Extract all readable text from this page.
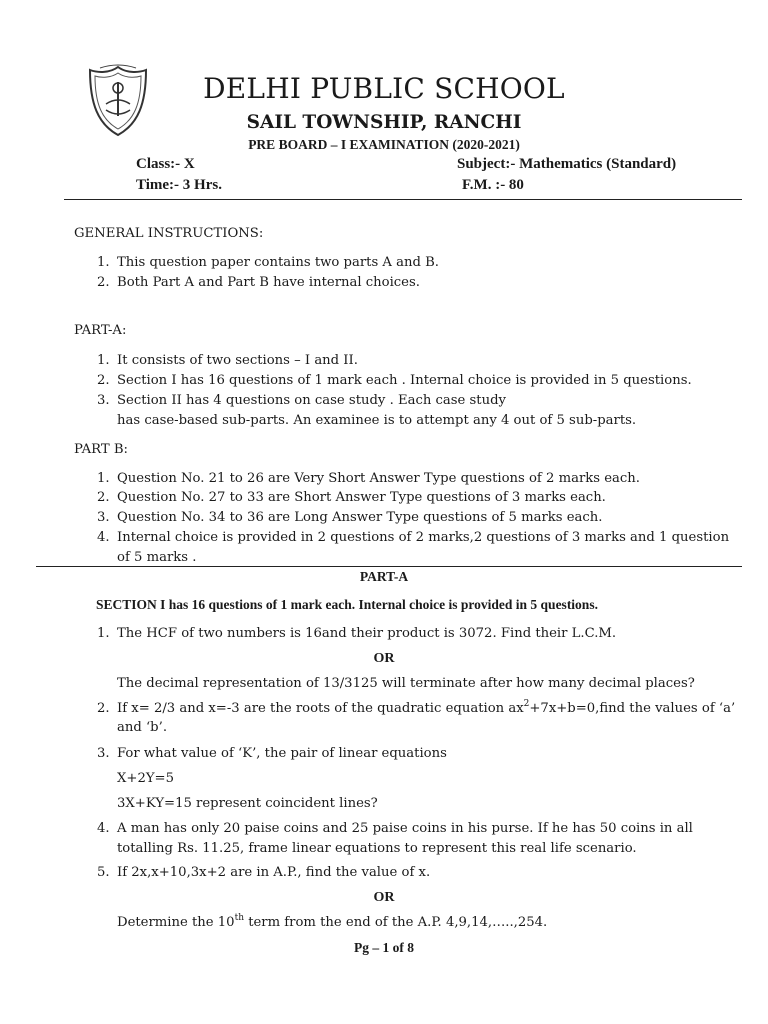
DELHI PUBLIC SCHOOL
SAIL TOWNSHIP, RANCHI
PRE BOARD – I EXAMINATION (2020-2021)
Class:- X	Subject:- Mathematics (Standard)
Time:- 3 Hrs.	F.M. :- 80
GENERAL INSTRUCTIONS:
1. This question paper contains two parts A and B.
2. Both Part A and Part B have internal choices.
PART-A:
1. It consists of two sections – I and II.
2. Section I has 16 questions of 1 mark each . Internal choice is provided in 5 questions.
3. Section II has 4 questions on case study . Each case study
has case-based sub-parts. An examinee is to attempt any 4 out of 5 sub-parts.
PART B:
1. Question No. 21 to 26 are Very Short Answer Type questions of 2 marks each.
2. Question No. 27 to 33 are Short Answer Type questions of 3 marks each.
3. Question No. 34 to 36 are Long Answer Type questions of 5 marks each.
4. Internal choice is provided in 2 questions of 2 marks,2 questions of 3 marks and 1 question
of 5 marks .
PART-A
SECTION I has 16 questions of 1 mark each. Internal choice is provided in 5 questions.
1. The HCF of two numbers is 16and their product is 3072. Find their L.C.M.
OR
The decimal representation of 13/3125 will terminate after how many decimal places?
2. If x= 2/3 and x=-3 are the roots of the quadratic equation $ax^2+7x+b=0,find$ the values of ‘a’
and ‘b’.
3. For what value of ‘K’, the pair of linear equations
X+2Y=5
3X+KY=15 represent coincident lines?
4. A man has only 20 paise coins and 25 paise coins in his purse. If he has 50 coins in all
totalling Rs. 11.25, frame linear equations to represent this real life scenario.
5. If 2x,x+10,3x+2 are in A.P., find the value of x.
OR
Determine the 10th term from the end of the A.P. 4,9,14,…..,254.
Pg – 1 of 8
